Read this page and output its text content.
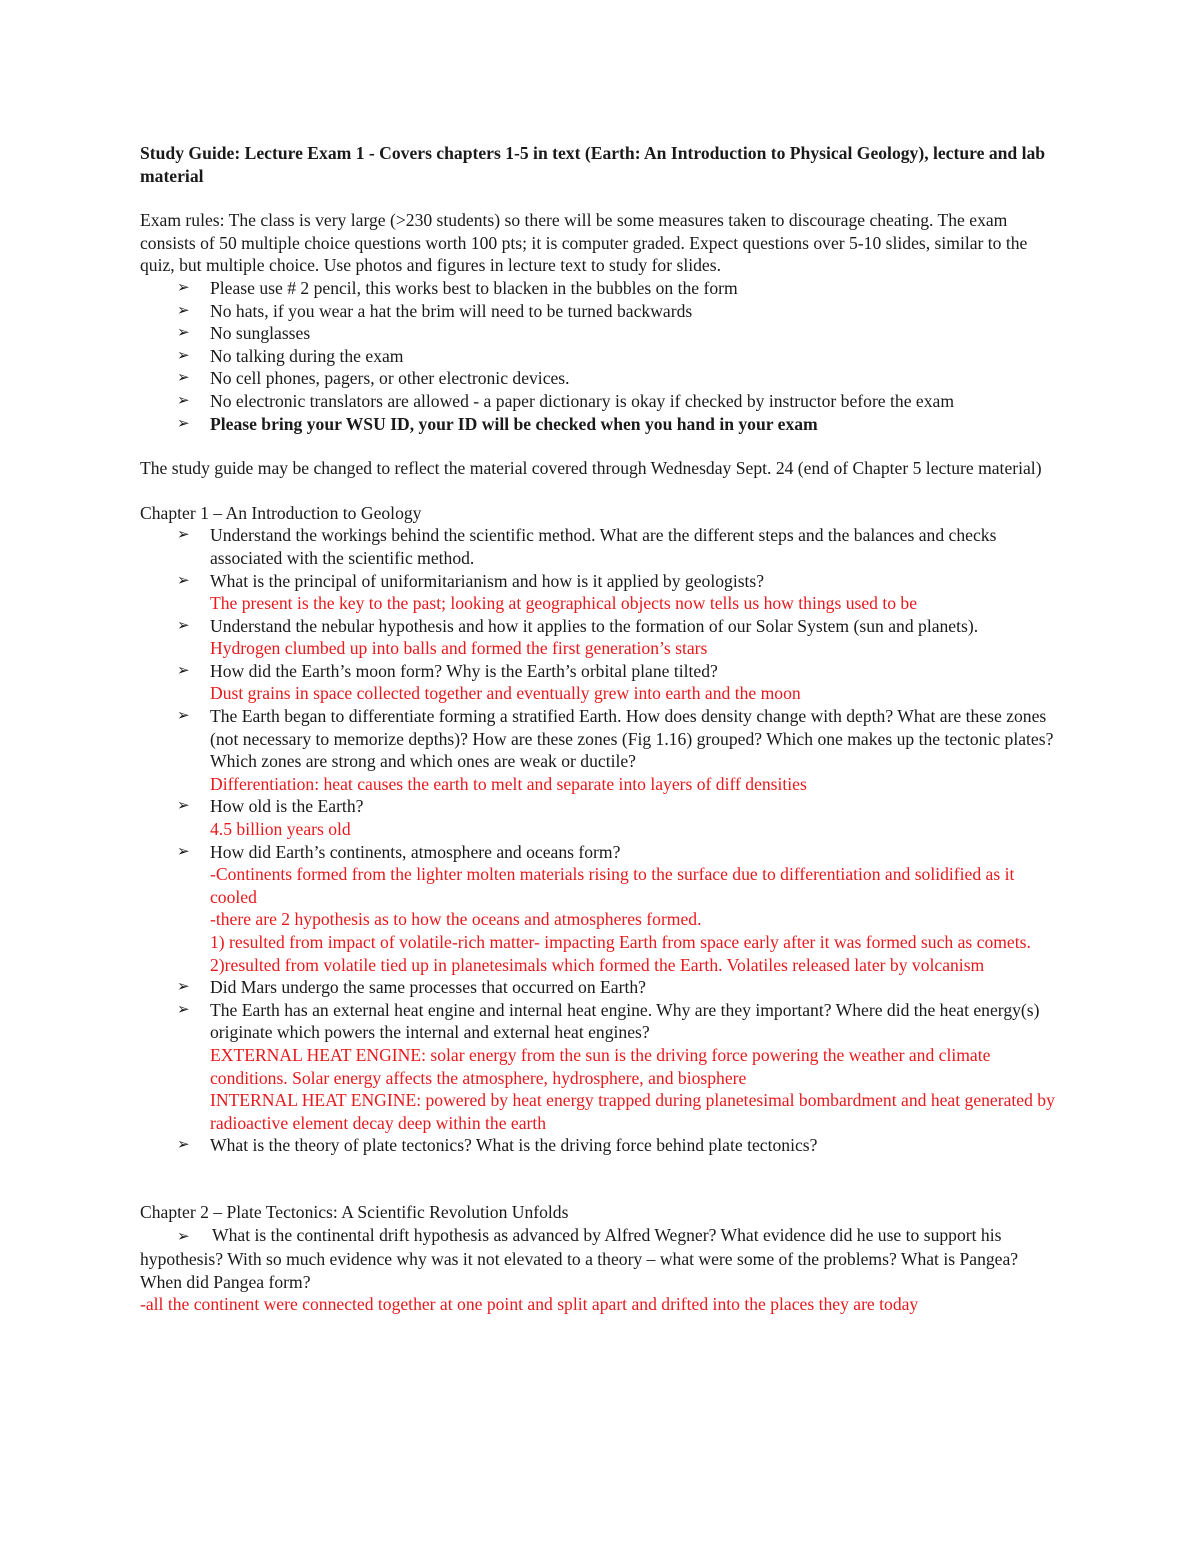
Study Guide: Lecture Exam 1 - Covers chapters 1-5 in text (Earth: An Introduction to Physical Geology), lecture and lab material

Exam rules: The class is very large (>230 students) so there will be some measures taken to discourage cheating. The exam consists of 50 multiple choice questions worth 100 pts; it is computer graded. Expect questions over 5-10 slides, similar to the quiz, but multiple choice. Use photos and figures in lecture text to study for slides.

➢	Please use # 2 pencil, this works best to blacken in the bubbles on the form
➢	No hats, if you wear a hat the brim will need to be turned backwards
➢	No sunglasses
➢	No talking during the exam
➢	No cell phones, pagers, or other electronic devices.
➢	No electronic translators are allowed - a paper dictionary is okay if checked by instructor before the exam
➢	Please bring your WSU ID, your ID will be checked when you hand in your exam

The study guide may be changed to reflect the material covered through Wednesday Sept. 24 (end of Chapter 5 lecture material)

Chapter 1 – An Introduction to Geology

➢	Understand the workings behind the scientific method. What are the different steps and the balances and checks associated with the scientific method.
➢	What is the principal of uniformitarianism and how is it applied by geologists?
The present is the key to the past; looking at geographical objects now tells us how things used to be
➢	Understand the nebular hypothesis and how it applies to the formation of our Solar System (sun and planets).
Hydrogen clumbed up into balls and formed the first generation’s stars
➢	How did the Earth’s moon form? Why is the Earth’s orbital plane tilted?
Dust grains in space collected together and eventually grew into earth and the moon
➢	The Earth began to differentiate forming a stratified Earth. How does density change with depth? What are these zones (not necessary to memorize depths)? How are these zones (Fig 1.16) grouped? Which one makes up the tectonic plates? Which zones are strong and which ones are weak or ductile?
Differentiation: heat causes the earth to melt and separate into layers of diff densities
➢	How old is the Earth?
4.5 billion years old
➢	How did Earth’s continents, atmosphere and oceans form?
-Continents formed from the lighter molten materials rising to the surface due to differentiation and solidified as it cooled
-there are 2 hypothesis as to how the oceans and atmospheres formed.
1) resulted from impact of volatile-rich matter- impacting Earth from space early after it was formed such as comets.
2)resulted from volatile tied up in planetesimals which formed the Earth. Volatiles released later by volcanism
➢	Did Mars undergo the same processes that occurred on Earth?
➢	The Earth has an external heat engine and internal heat engine. Why are they important? Where did the heat energy(s) originate which powers the internal and external heat engines?
EXTERNAL HEAT ENGINE: solar energy from the sun is the driving force powering the weather and climate conditions. Solar energy affects the atmosphere, hydrosphere, and biosphere
INTERNAL HEAT ENGINE: powered by heat energy trapped during planetesimal bombardment and heat generated by radioactive element decay deep within the earth
➢	What is the theory of plate tectonics? What is the driving force behind plate tectonics?

Chapter 2 – Plate Tectonics: A Scientific Revolution Unfolds

➢ What is the continental drift hypothesis as advanced by Alfred Wegner? What evidence did he use to support his hypothesis? With so much evidence why was it not elevated to a theory – what were some of the problems? What is Pangea? When did Pangea form?

-all the continent were connected together at one point and split apart and drifted into the places they are today
